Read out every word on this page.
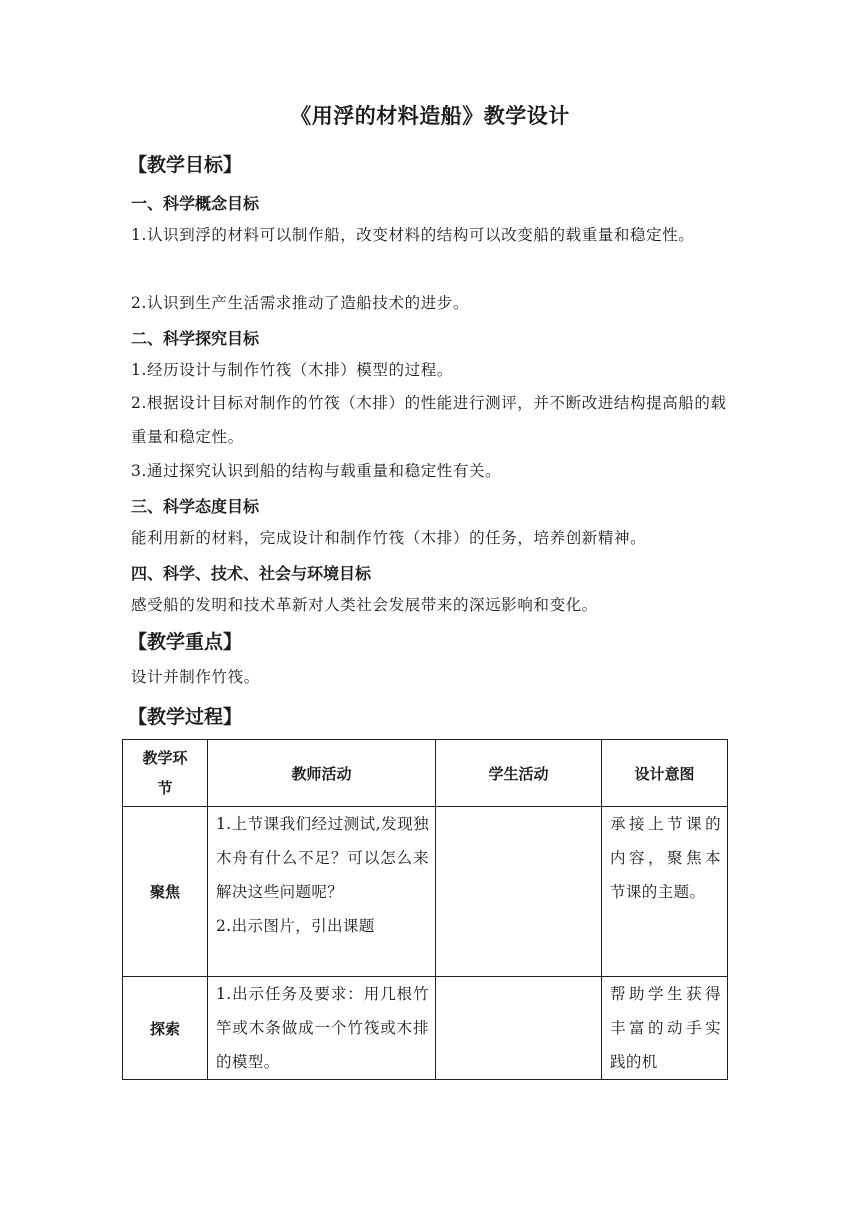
《用浮的材料造船》教学设计
【教学目标】
一、科学概念目标
1.认识到浮的材料可以制作船，改变材料的结构可以改变船的载重量和稳定性。
2.认识到生产生活需求推动了造船技术的进步。
二、科学探究目标
1.经历设计与制作竹筏（木排）模型的过程。
2.根据设计目标对制作的竹筏（木排）的性能进行测评，并不断改进结构提高船的载重量和稳定性。
3.通过探究认识到船的结构与载重量和稳定性有关。
三、科学态度目标
能利用新的材料，完成设计和制作竹筏（木排）的任务，培养创新精神。
四、科学、技术、社会与环境目标
感受船的发明和技术革新对人类社会发展带来的深远影响和变化。
【教学重点】
设计并制作竹筏。
【教学过程】
教学环节	教师活动	学生活动	设计意图
聚焦	1.上节课我们经过测试,发现独木舟有什么不足？可以怎么来解决这些问题呢？
2.出示图片，引出课题		承接上节课的内容，聚焦本节课的主题。

探索	1.出示任务及要求：用几根竹竿或木条做成一个竹筏或木排的模型。		帮助学生获得丰富的动手实践的机
